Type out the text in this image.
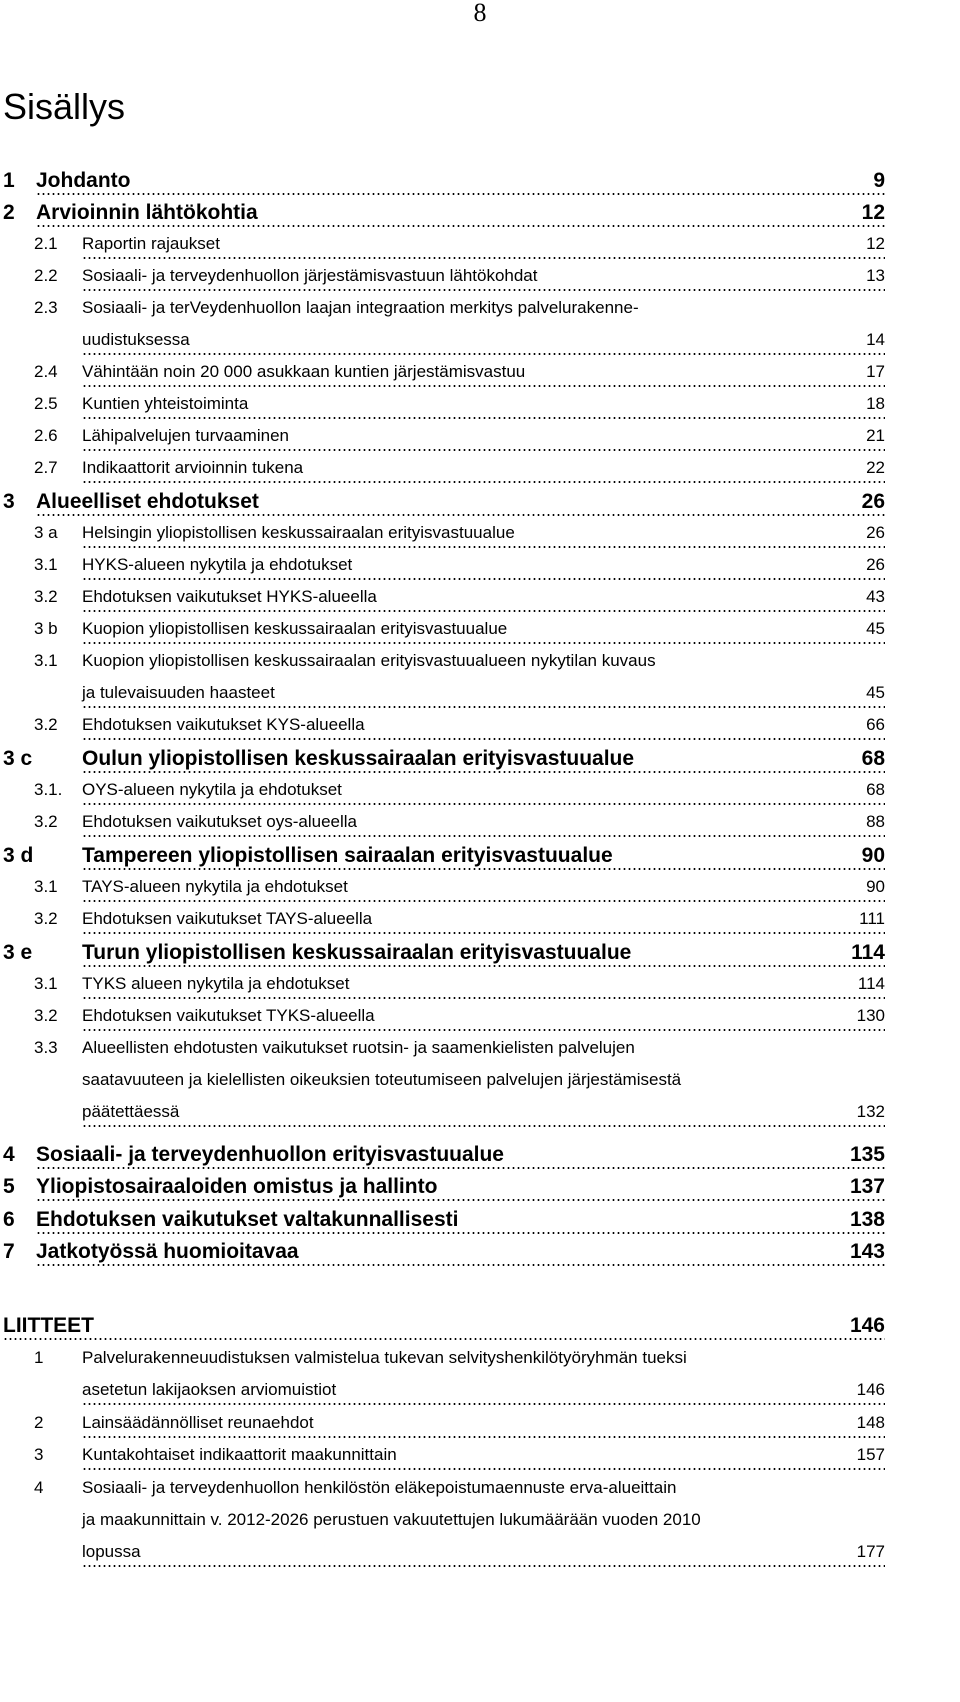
8
Sisällys
1 Johdanto	9
2 Arvioinnin lähtökohtia	12
2.1 Raportin rajaukset	12
2.2 Sosiaali- ja terveydenhuollon järjestämisvastuun lähtökohdat	13
2.3 Sosiaali- ja terVeydenhuollon laajan integraation merkitys palvelurakenne-
uudistuksessa	14
2.4 Vähintään noin 20 000 asukkaan kuntien järjestämisvastuu	17
2.5 Kuntien yhteistoiminta	18
2.6 Lähipalvelujen turvaaminen	21
2.7 Indikaattorit arvioinnin tukena	22
3 Alueelliset ehdotukset	26
3 a Helsingin yliopistollisen keskussairaalan erityisvastuualue	26
3.1 HYKS-alueen nykytila ja ehdotukset	26
3.2 Ehdotuksen vaikutukset HYKS-alueella	43
3 b Kuopion yliopistollisen keskussairaalan erityisvastuualue	45
3.1 Kuopion yliopistollisen keskussairaalan erityisvastuualueen nykytilan kuvaus
ja tulevaisuuden haasteet	45
3.2 Ehdotuksen vaikutukset KYS-alueella	66
3 c Oulun yliopistollisen keskussairaalan erityisvastuualue	68
3.1. OYS-alueen nykytila ja ehdotukset	68
3.2 Ehdotuksen vaikutukset oys-alueella	88
3 d Tampereen yliopistollisen sairaalan erityisvastuualue	90
3.1 TAYS-alueen nykytila ja ehdotukset	90
3.2 Ehdotuksen vaikutukset TAYS-alueella	111
3 e Turun yliopistollisen keskussairaalan erityisvastuualue	114
3.1 TYKS alueen nykytila ja ehdotukset	114
3.2 Ehdotuksen vaikutukset TYKS-alueella	130
3.3 Alueellisten ehdotusten vaikutukset ruotsin- ja saamenkielisten palvelujen
saatavuuteen ja kielellisten oikeuksien toteutumiseen palvelujen järjestämisestä
päätettäessä	132
4 Sosiaali- ja terveydenhuollon erityisvastuualue	135
5 Yliopistosairaaloiden omistus ja hallinto	137
6 Ehdotuksen vaikutukset valtakunnallisesti	138
7 Jatkotyössä huomioitavaa	143
LIITTEET	146
1 Palvelurakenneuudistuksen valmistelua tukevan selvityshenkilötyöryhmän tueksi
asetetun lakijaoksen arviomuistiot	146
2 Lainsäädännölliset reunaehdot	148
3 Kuntakohtaiset indikaattorit maakunnittain	157
4 Sosiaali- ja terveydenhuollon henkilöstön eläkepoistumaennuste erva-alueittain
ja maakunnittain v. 2012-2026 perustuen vakuutettujen lukumäärään vuoden 2010
lopussa	177
